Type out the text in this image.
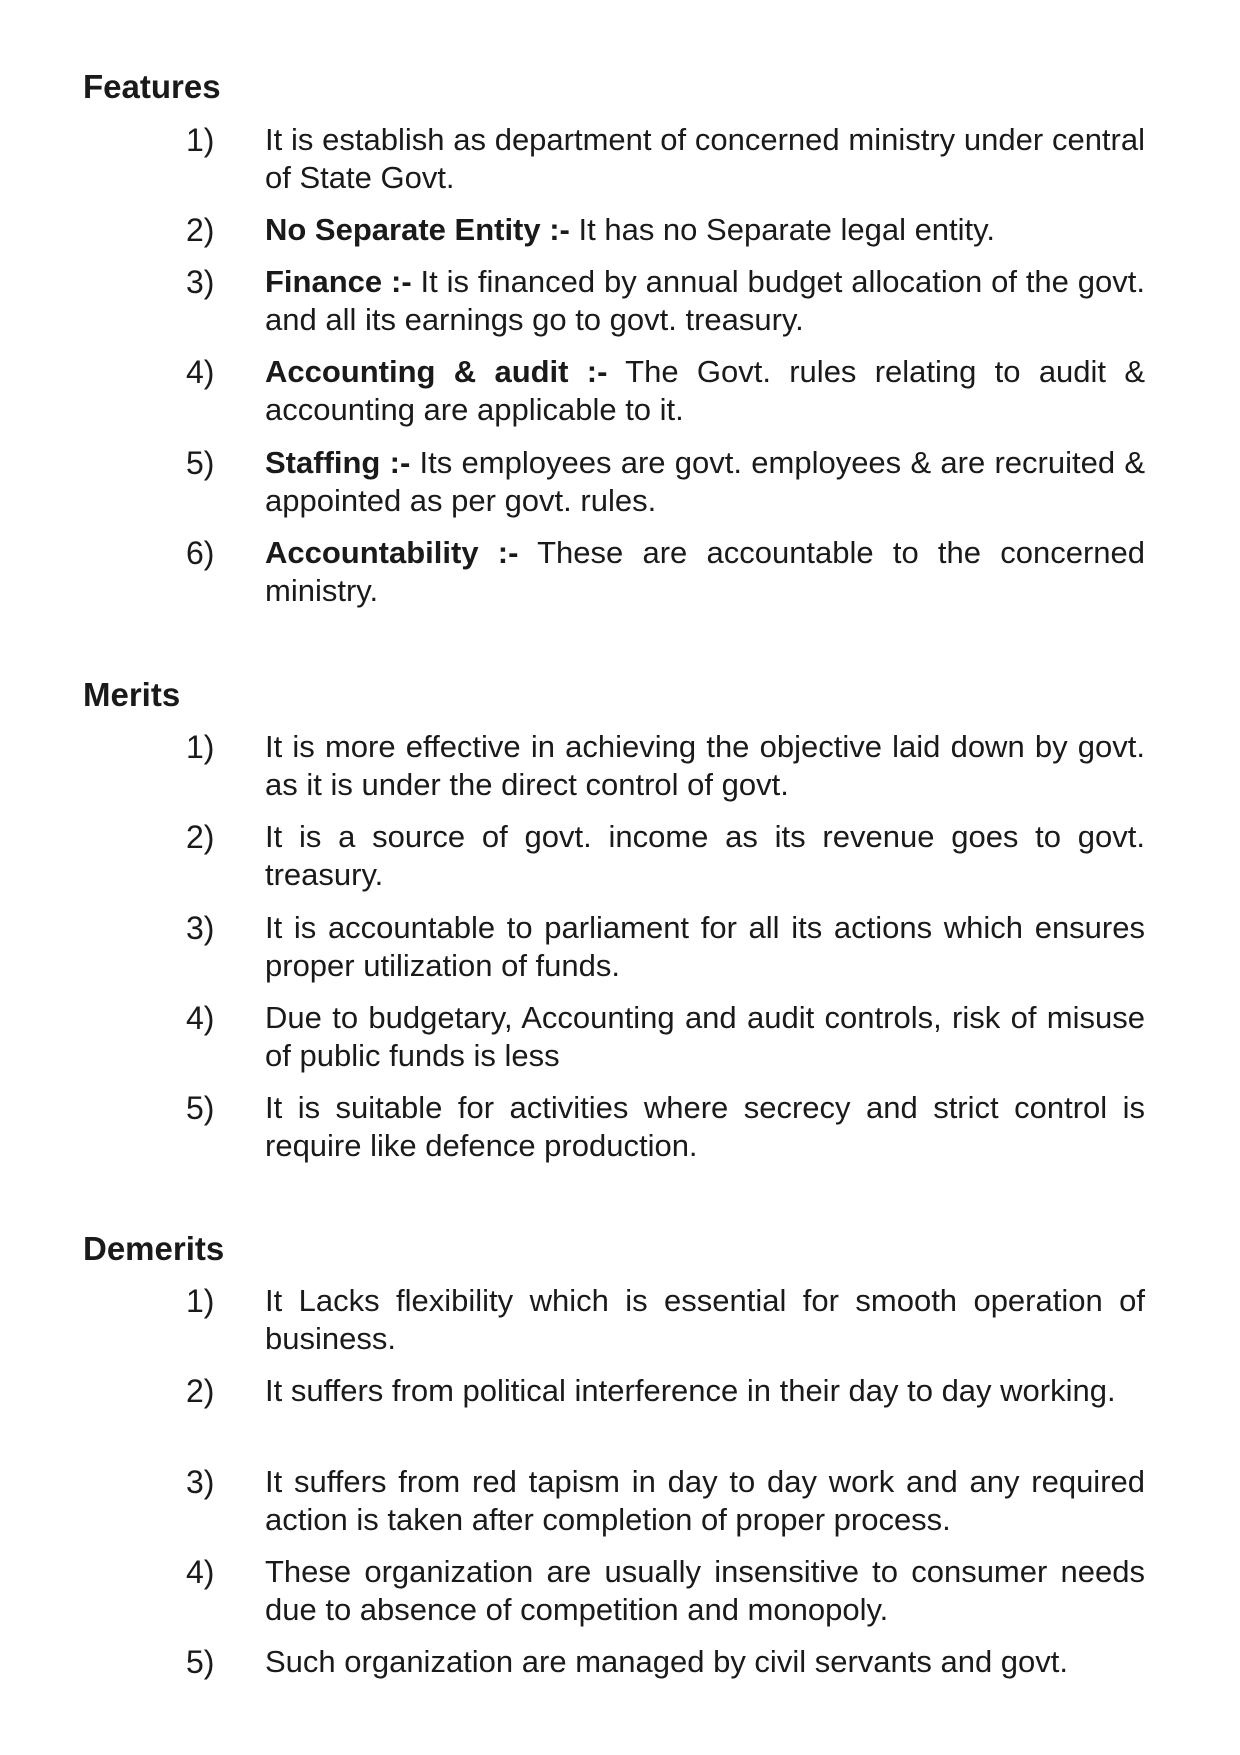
Features
1) It is establish as department of concerned ministry under central of State Govt.
2) No Separate Entity :- It has no Separate legal entity.
3) Finance :- It is financed by annual budget allocation of the govt. and all its earnings go to govt. treasury.
4) Accounting & audit :- The Govt. rules relating to audit & accounting are applicable to it.
5) Staffing :- Its employees are govt. employees & are recruited & appointed as per govt. rules.
6) Accountability :- These are accountable to the concerned ministry.
Merits
1) It is more effective in achieving the objective laid down by govt. as it is under the direct control of govt.
2) It is a source of govt. income as its revenue goes to govt. treasury.
3) It is accountable to parliament for all its actions which ensures proper utilization of funds.
4) Due to budgetary, Accounting and audit controls, risk of misuse of public funds is less
5) It is suitable for activities where secrecy and strict control is require like defence production.
Demerits
1) It Lacks flexibility which is essential for smooth operation of business.
2) It suffers from political interference in their day to day working.
3) It suffers from red tapism in day to day work and any required action is taken after completion of proper process.
4) These organization are usually insensitive to consumer needs due to absence of competition and monopoly.
5) Such organization are managed by civil servants and govt.
